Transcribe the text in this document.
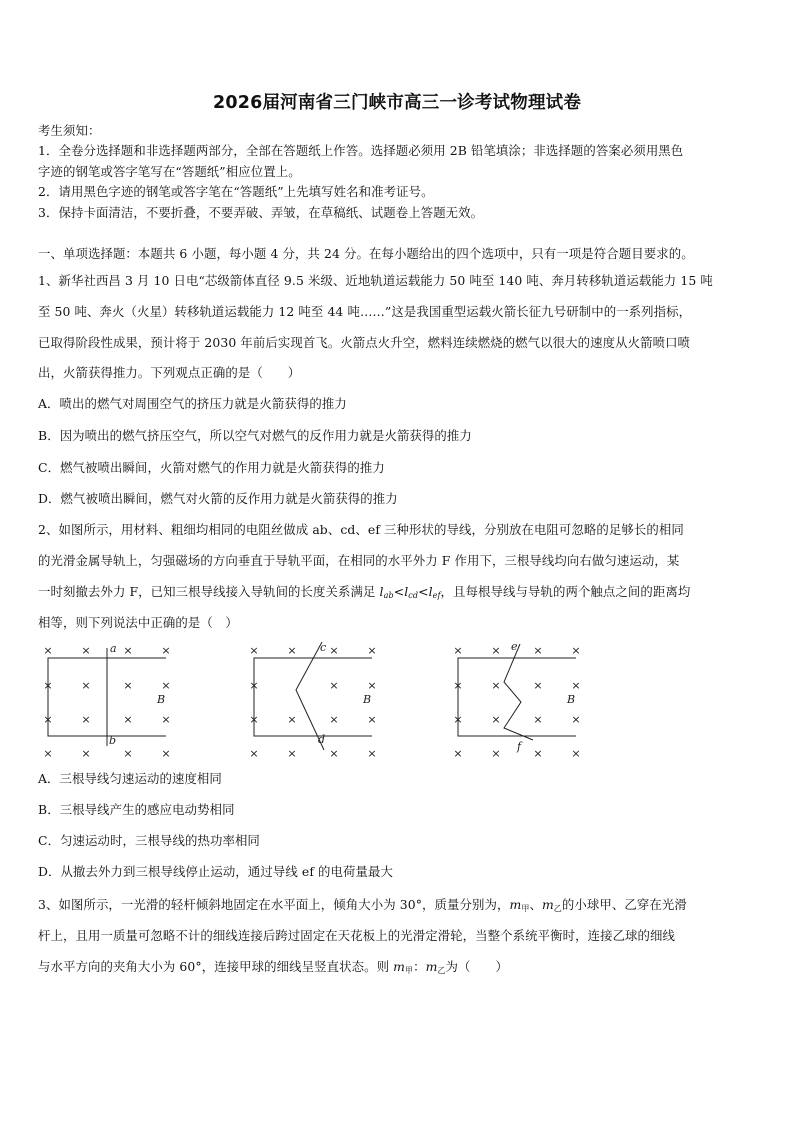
2026届河南省三门峡市高三一诊考试物理试卷
考生须知：
1．全卷分选择题和非选择题两部分，全部在答题纸上作答。选择题必须用 2B 铅笔填涂；非选择题的答案必须用黑色
字迹的钢笔或答字笔写在“答题纸”相应位置上。
2．请用黑色字迹的钢笔或答字笔在“答题纸”上先填写姓名和准考证号。
3．保持卡面清洁，不要折叠，不要弄破、弄皱，在草稿纸、试题卷上答题无效。
一、单项选择题：本题共 6 小题，每小题 4 分，共 24 分。在每小题给出的四个选项中，只有一项是符合题目要求的。
1、新华社西昌 3 月 10 日电“芯级箭体直径 9.5 米级、近地轨道运载能力 50 吨至 140 吨、奔月转移轨道运载能力 15 吨
至 50 吨、奔火（火星）转移轨道运载能力 12 吨至 44 吨……”这是我国重型运载火箭长征九号研制中的一系列指标，
已取得阶段性成果，预计将于 2030 年前后实现首飞。火箭点火升空，燃料连续燃烧的燃气以很大的速度从火箭喷口喷
出，火箭获得推力。下列观点正确的是（　　）
A．喷出的燃气对周围空气的挤压力就是火箭获得的推力
B．因为喷出的燃气挤压空气，所以空气对燃气的反作用力就是火箭获得的推力
C．燃气被喷出瞬间，火箭对燃气的作用力就是火箭获得的推力
D．燃气被喷出瞬间，燃气对火箭的反作用力就是火箭获得的推力
2、如图所示，用材料、粗细均相同的电阻丝做成 ab、cd、ef 三种形状的导线，分别放在电阻可忽略的足够长的相同
的光滑金属导轨上，匀强磁场的方向垂直于导轨平面，在相同的水平外力 F 作用下，三根导线均向右做匀速运动，某
一时刻撤去外力 F，已知三根导线接入导轨间的长度关系满足 $l_{ab}<l_{cd}<l_{ef}$，且每根导线与导轨的两个触点之间的距离均
相等，则下列说法中正确的是（　）
×	×	×	×
×	×	×	×
×	×	×	×
×	×	×	×
a
b
B
×	×	×	×
×	×	×
×	×	×	×
×	×	×	×
c
d
B
×	×	×	×
×	×	×	×
×	×	×	×
×	×	×	×
e
f
B
A．三根导线匀速运动的速度相同
B．三根导线产生的感应电动势相同
C．匀速运动时，三根导线的热功率相同
D．从撤去外力到三根导线停止运动，通过导线 ef 的电荷量最大
3、如图所示，一光滑的轻杆倾斜地固定在水平面上，倾角大小为 30°，质量分别为，$m_甲$、$m_乙$的小球甲、乙穿在光滑
杆上，且用一质量可忽略不计的细线连接后跨过固定在天花板上的光滑定滑轮，当整个系统平衡时，连接乙球的细线
与水平方向的夹角大小为 60°，连接甲球的细线呈竖直状态。则 $m_甲$：$m_乙$为（　　）
